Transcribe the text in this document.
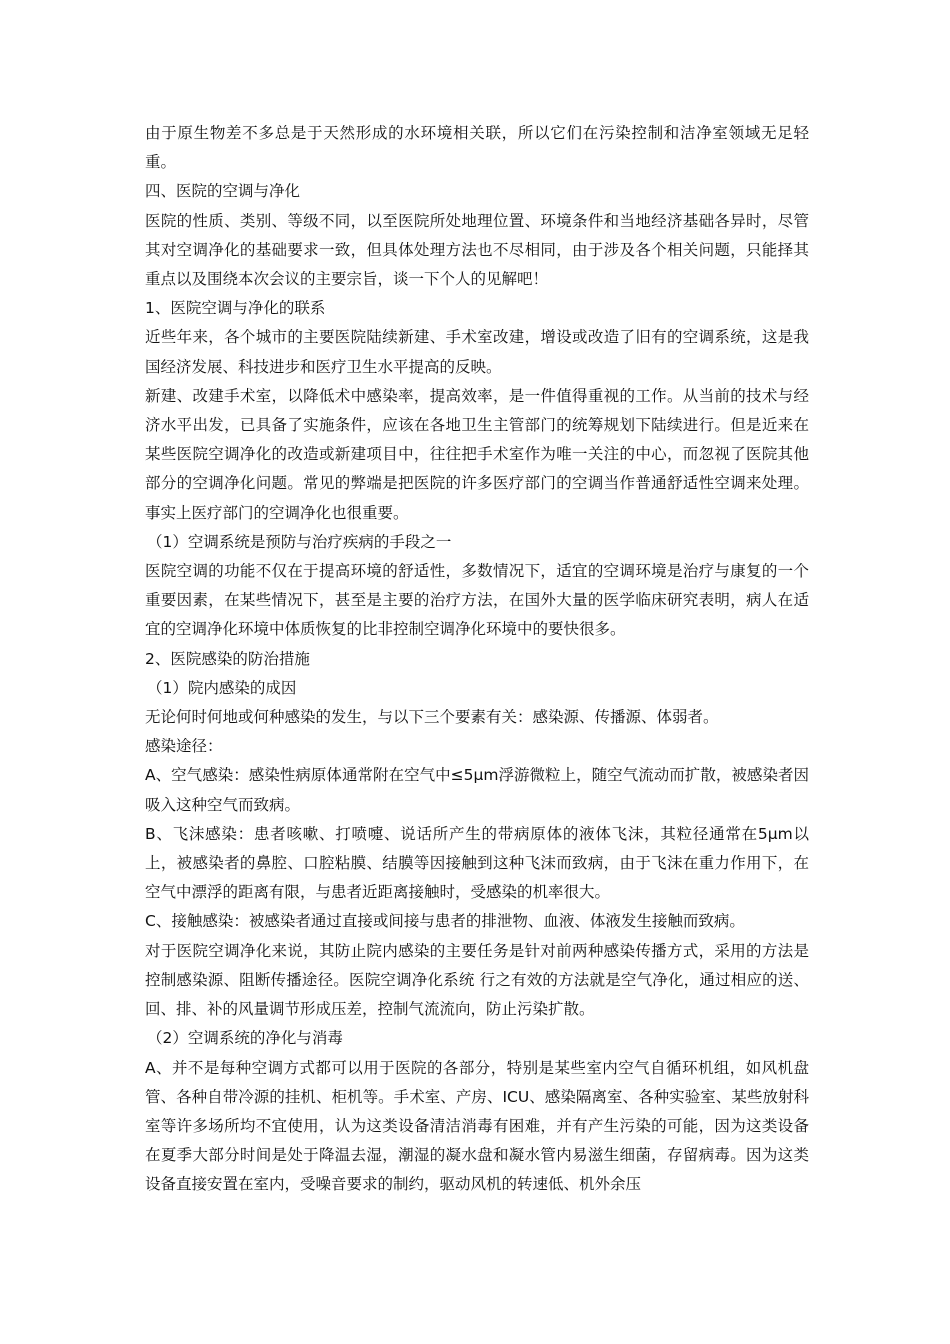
由于原生物差不多总是于天然形成的水环境相关联，所以它们在污染控制和洁净室领域无足轻重。

四、医院的空调与净化

医院的性质、类别、等级不同，以至医院所处地理位置、环境条件和当地经济基础各异时，尽管其对空调净化的基础要求一致，但具体处理方法也不尽相同，由于涉及各个相关问题，只能择其重点以及围绕本次会议的主要宗旨，谈一下个人的见解吧！

1、医院空调与净化的联系

近些年来，各个城市的主要医院陆续新建、手术室改建，增设或改造了旧有的空调系统，这是我国经济发展、科技进步和医疗卫生水平提高的反映。

新建、改建手术室，以降低术中感染率，提高效率，是一件值得重视的工作。从当前的技术与经济水平出发，已具备了实施条件，应该在各地卫生主管部门的统筹规划下陆续进行。但是近来在某些医院空调净化的改造或新建项目中，往往把手术室作为唯一关注的中心，而忽视了医院其他部分的空调净化问题。常见的弊端是把医院的许多医疗部门的空调当作普通舒适性空调来处理。事实上医疗部门的空调净化也很重要。

（1）空调系统是预防与治疗疾病的手段之一

医院空调的功能不仅在于提高环境的舒适性，多数情况下，适宜的空调环境是治疗与康复的一个重要因素，在某些情况下，甚至是主要的治疗方法，在国外大量的医学临床研究表明，病人在适宜的空调净化环境中体质恢复的比非控制空调净化环境中的要快很多。

2、医院感染的防治措施

（1）院内感染的成因

无论何时何地或何种感染的发生，与以下三个要素有关：感染源、传播源、体弱者。

感染途径：

A、空气感染：感染性病原体通常附在空气中≤5μm浮游微粒上，随空气流动而扩散，被感染者因吸入这种空气而致病。

B、飞沫感染：患者咳嗽、打喷嚏、说话所产生的带病原体的液体飞沫，其粒径通常在5μm以上，被感染者的鼻腔、口腔粘膜、结膜等因接触到这种飞沫而致病，由于飞沫在重力作用下，在空气中漂浮的距离有限，与患者近距离接触时，受感染的机率很大。

C、接触感染：被感染者通过直接或间接与患者的排泄物、血液、体液发生接触而致病。

对于医院空调净化来说，其防止院内感染的主要任务是针对前两种感染传播方式，采用的方法是控制感染源、阻断传播途径。医院空调净化系统 行之有效的方法就是空气净化，通过相应的送、回、排、补的风量调节形成压差，控制气流流向，防止污染扩散。

（2）空调系统的净化与消毒

A、并不是每种空调方式都可以用于医院的各部分，特别是某些室内空气自循环机组，如风机盘管、各种自带冷源的挂机、柜机等。手术室、产房、ICU、感染隔离室、各种实验室、某些放射科室等许多场所均不宜使用，认为这类设备清洁消毒有困难，并有产生污染的可能，因为这类设备在夏季大部分时间是处于降温去湿，潮湿的凝水盘和凝水管内易滋生细菌，存留病毒。因为这类设备直接安置在室内，受噪音要求的制约，驱动风机的转速低、机外余压
